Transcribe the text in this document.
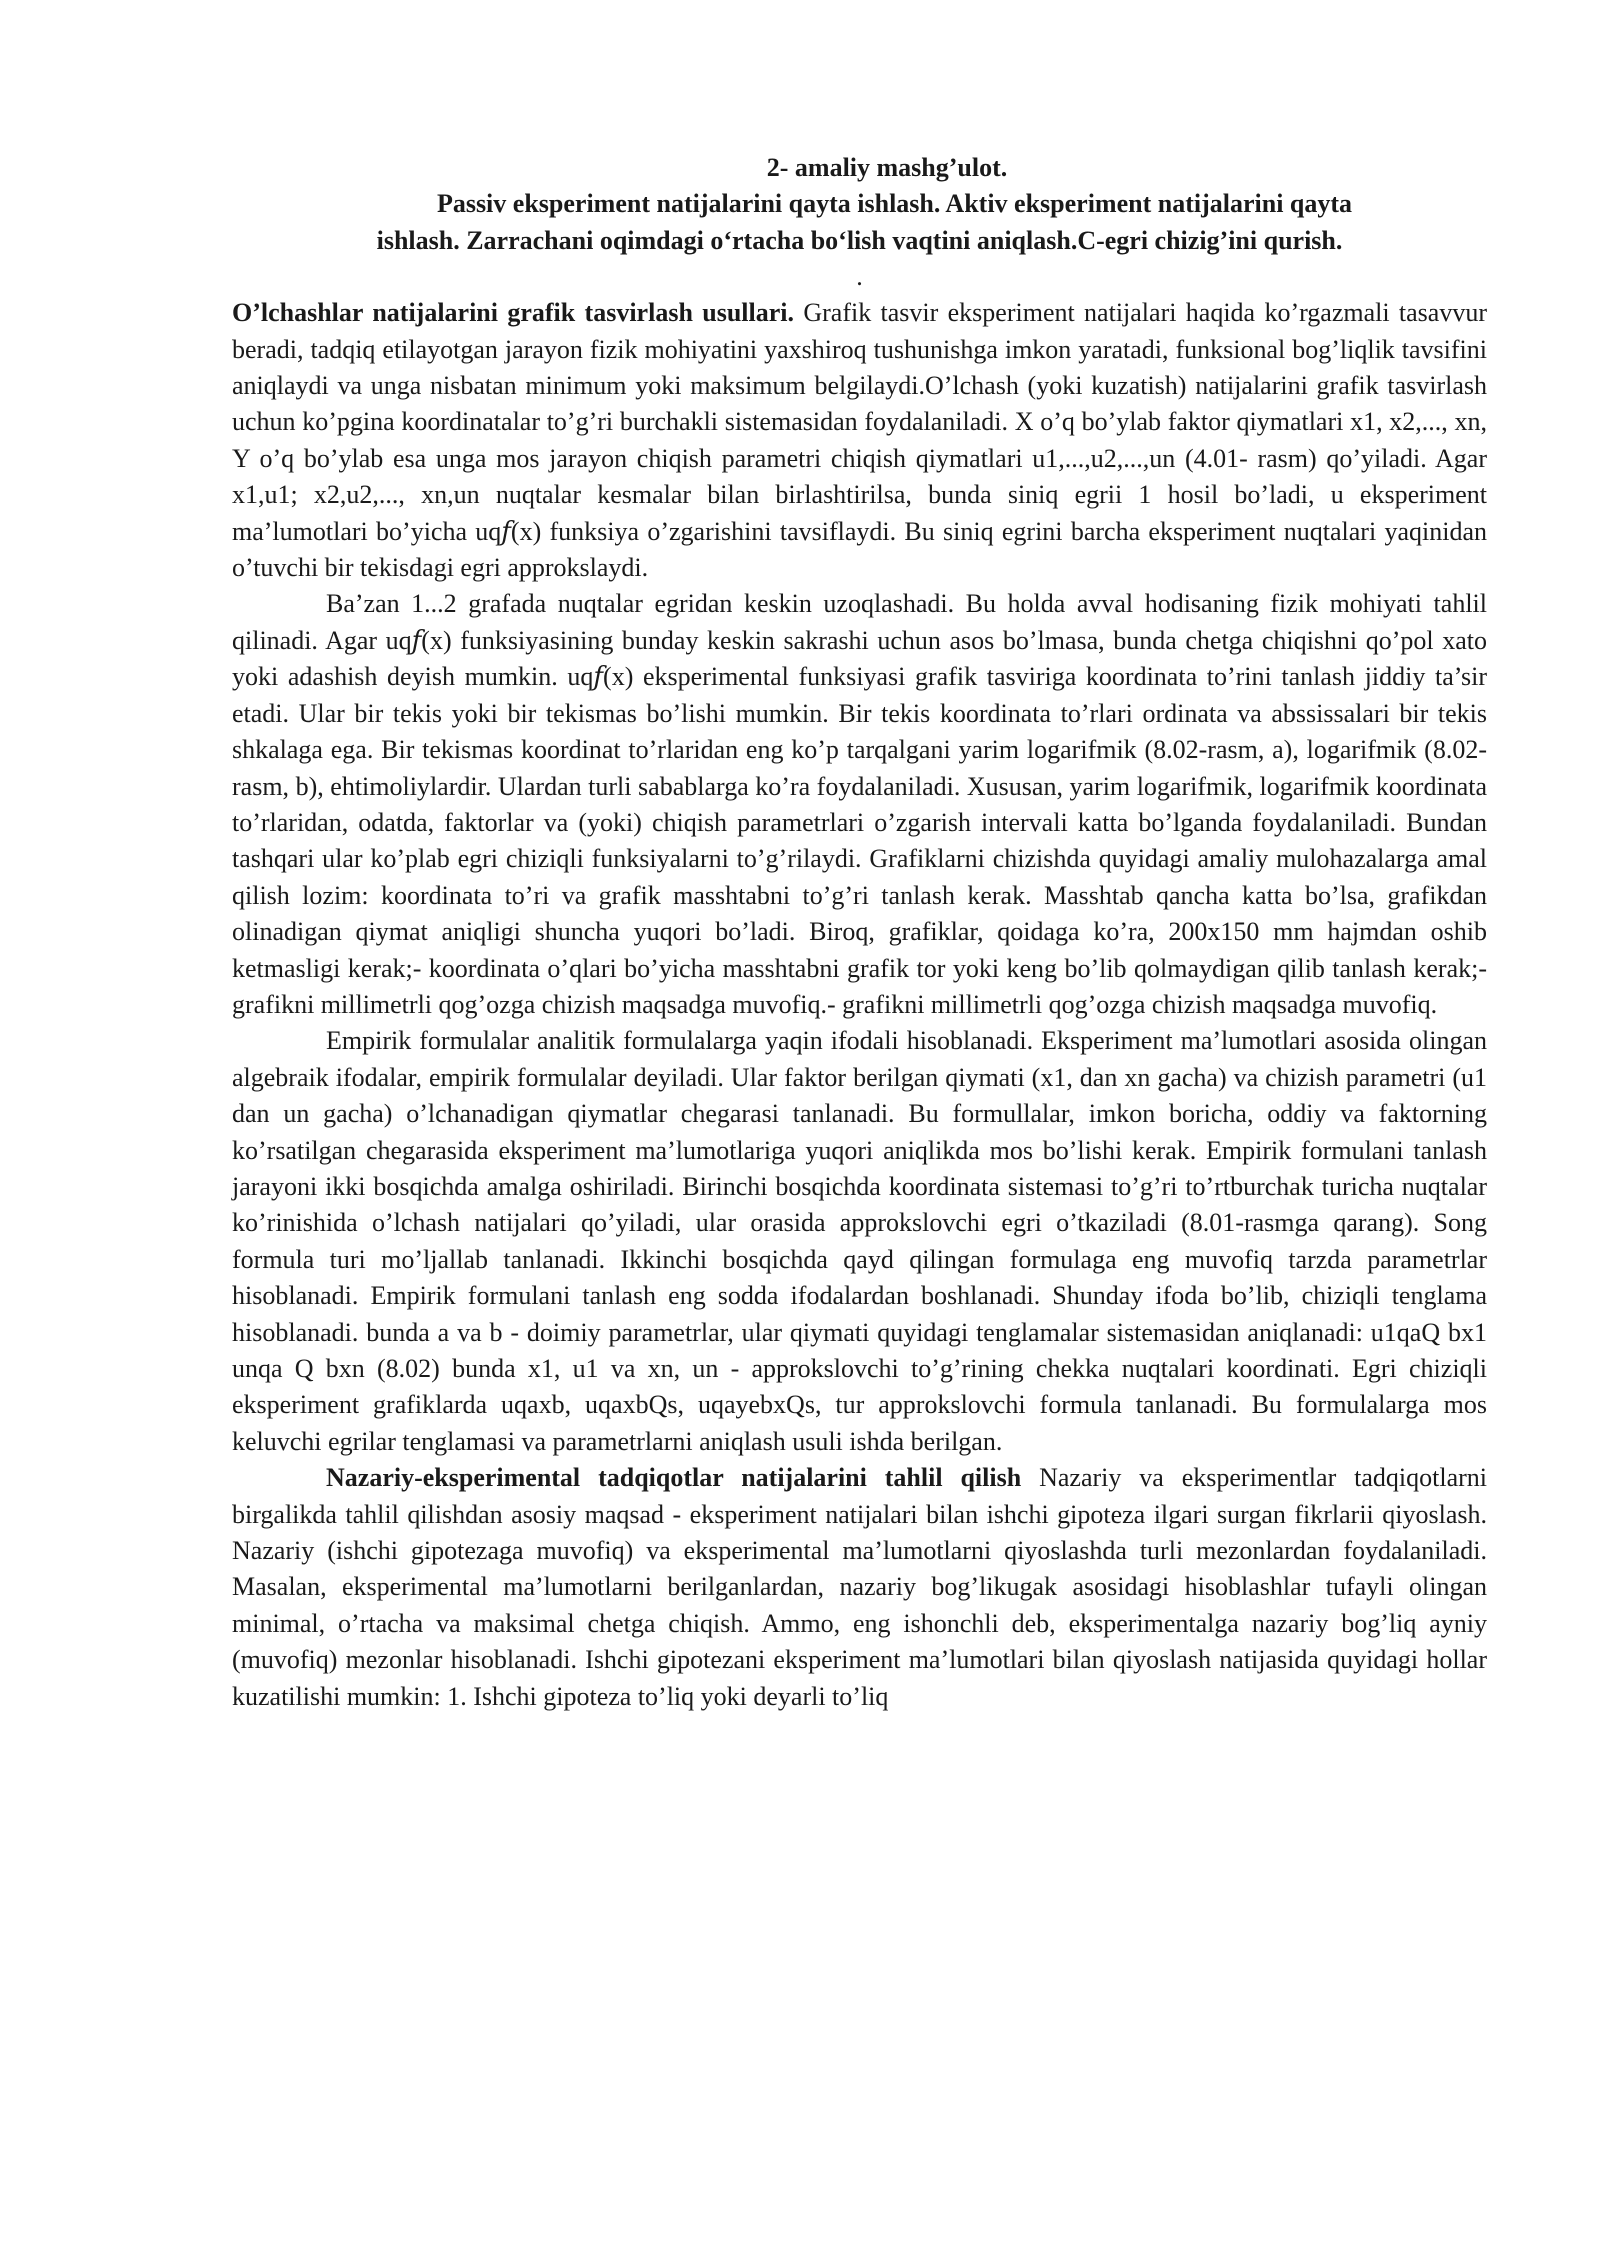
2- amaliy mashg’ulot.

Passiv eksperiment natijalarini qayta ishlash. Aktiv eksperiment natijalarini qayta

ishlash. Zarrachani oqimdagi oʻrtacha boʻlish vaqtini aniqlash.C-egri chizig’ini qurish.

.

O’lchashlar natijalarini grafik tasvirlash usullari. Grafik tasvir eksperiment natijalari haqida ko’rgazmali tasavvur beradi, tadqiq etilayotgan jarayon fizik mohiyatini yaxshiroq tushunishga imkon yaratadi, funksional bog’liqlik tavsifini aniqlaydi va unga nisbatan minimum yoki maksimum belgilaydi.O’lchash (yoki kuzatish) natijalarini grafik tasvirlash uchun ko’pgina koordinatalar to’g’ri burchakli sistemasidan foydalaniladi. X o’q bo’ylab faktor qiymatlari x1, x2,..., xn, Y o’q bo’ylab esa unga mos jarayon chiqish parametri chiqish qiymatlari u1,...,u2,...,un (4.01- rasm) qo’yiladi. Agar x1,u1; x2,u2,..., xn,un nuqtalar kesmalar bilan birlashtirilsa, bunda siniq egrii 1 hosil bo’ladi, u eksperiment ma’lumotlari bo’yicha uq𝑓(x) funksiya o’zgarishini tavsiflaydi. Bu siniq egrini barcha eksperiment nuqtalari yaqinidan o’tuvchi bir tekisdagi egri approkslaydi.

Ba’zan 1...2 grafada nuqtalar egridan keskin uzoqlashadi. Bu holda avval hodisaning fizik mohiyati tahlil qilinadi. Agar uq𝑓(x) funksiyasining bunday keskin sakrashi uchun asos bo’lmasa, bunda chetga chiqishni qo’pol xato yoki adashish deyish mumkin. uq𝑓(x) eksperimental funksiyasi grafik tasviriga koordinata to’rini tanlash jiddiy ta’sir etadi. Ular bir tekis yoki bir tekismas bo’lishi mumkin. Bir tekis koordinata to’rlari ordinata va abssissalari bir tekis shkalaga ega. Bir tekismas koordinat to’rlaridan eng ko’p tarqalgani yarim logarifmik (8.02-rasm, a), logarifmik (8.02-rasm, b), ehtimoliylardir. Ulardan turli sabablarga ko’ra foydalaniladi. Xususan, yarim logarifmik, logarifmik koordinata to’rlaridan, odatda, faktorlar va (yoki) chiqish parametrlari o’zgarish intervali katta bo’lganda foydalaniladi. Bundan tashqari ular ko’plab egri chiziqli funksiyalarni to’g’rilaydi. Grafiklarni chizishda quyidagi amaliy mulohazalarga amal qilish lozim: koordinata to’ri va grafik masshtabni to’g’ri tanlash kerak. Masshtab qancha katta bo’lsa, grafikdan olinadigan qiymat aniqligi shuncha yuqori bo’ladi. Biroq, grafiklar, qoidaga ko’ra, 200x150 mm hajmdan oshib ketmasligi kerak;- koordinata o’qlari bo’yicha masshtabni grafik tor yoki keng bo’lib qolmaydigan qilib tanlash kerak;- grafikni millimetrli qog’ozga chizish maqsadga muvofiq.- grafikni millimetrli qog’ozga chizish maqsadga muvofiq.

Empirik formulalar analitik formulalarga yaqin ifodali hisoblanadi. Eksperiment ma’lumotlari asosida olingan algebraik ifodalar, empirik formulalar deyiladi. Ular faktor berilgan qiymati (x1, dan xn gacha) va chizish parametri (u1 dan un gacha) o’lchanadigan qiymatlar chegarasi tanlanadi. Bu formullalar, imkon boricha, oddiy va faktorning ko’rsatilgan chegarasida eksperiment ma’lumotlariga yuqori aniqlikda mos bo’lishi kerak. Empirik formulani tanlash jarayoni ikki bosqichda amalga oshiriladi. Birinchi bosqichda koordinata sistemasi to’g’ri to’rtburchak turicha nuqtalar ko’rinishida o’lchash natijalari qo’yiladi, ular orasida approkslovchi egri o’tkaziladi (8.01-rasmga qarang). Song formula turi mo’ljallab tanlanadi. Ikkinchi bosqichda qayd qilingan formulaga eng muvofiq tarzda parametrlar hisoblanadi. Empirik formulani tanlash eng sodda ifodalardan boshlanadi. Shunday ifoda bo’lib, chiziqli tenglama hisoblanadi. bunda a va b - doimiy parametrlar, ular qiymati quyidagi tenglamalar sistemasidan aniqlanadi: u1qaQ bx1 unqa Q bxn (8.02) bunda x1, u1 va xn, un - approkslovchi to’g’rining chekka nuqtalari koordinati. Egri chiziqli eksperiment grafiklarda uqaxb, uqaxbQs, uqayebxQs, tur approkslovchi formula tanlanadi. Bu formulalarga mos keluvchi egrilar tenglamasi va parametrlarni aniqlash usuli ishda berilgan.

Nazariy-eksperimental tadqiqotlar natijalarini tahlil qilish Nazariy va eksperimentlar tadqiqotlarni birgalikda tahlil qilishdan asosiy maqsad - eksperiment natijalari bilan ishchi gipoteza ilgari surgan fikrlarii qiyoslash. Nazariy (ishchi gipotezaga muvofiq) va eksperimental ma’lumotlarni qiyoslashda turli mezonlardan foydalaniladi. Masalan, eksperimental ma’lumotlarni berilganlardan, nazariy bog’likugak asosidagi hisoblashlar tufayli olingan minimal, o’rtacha va maksimal chetga chiqish. Ammo, eng ishonchli deb, eksperimentalga nazariy bog’liq ayniy (muvofiq) mezonlar hisoblanadi. Ishchi gipotezani eksperiment ma’lumotlari bilan qiyoslash natijasida quyidagi hollar kuzatilishi mumkin: 1. Ishchi gipoteza to’liq yoki deyarli to’liq
